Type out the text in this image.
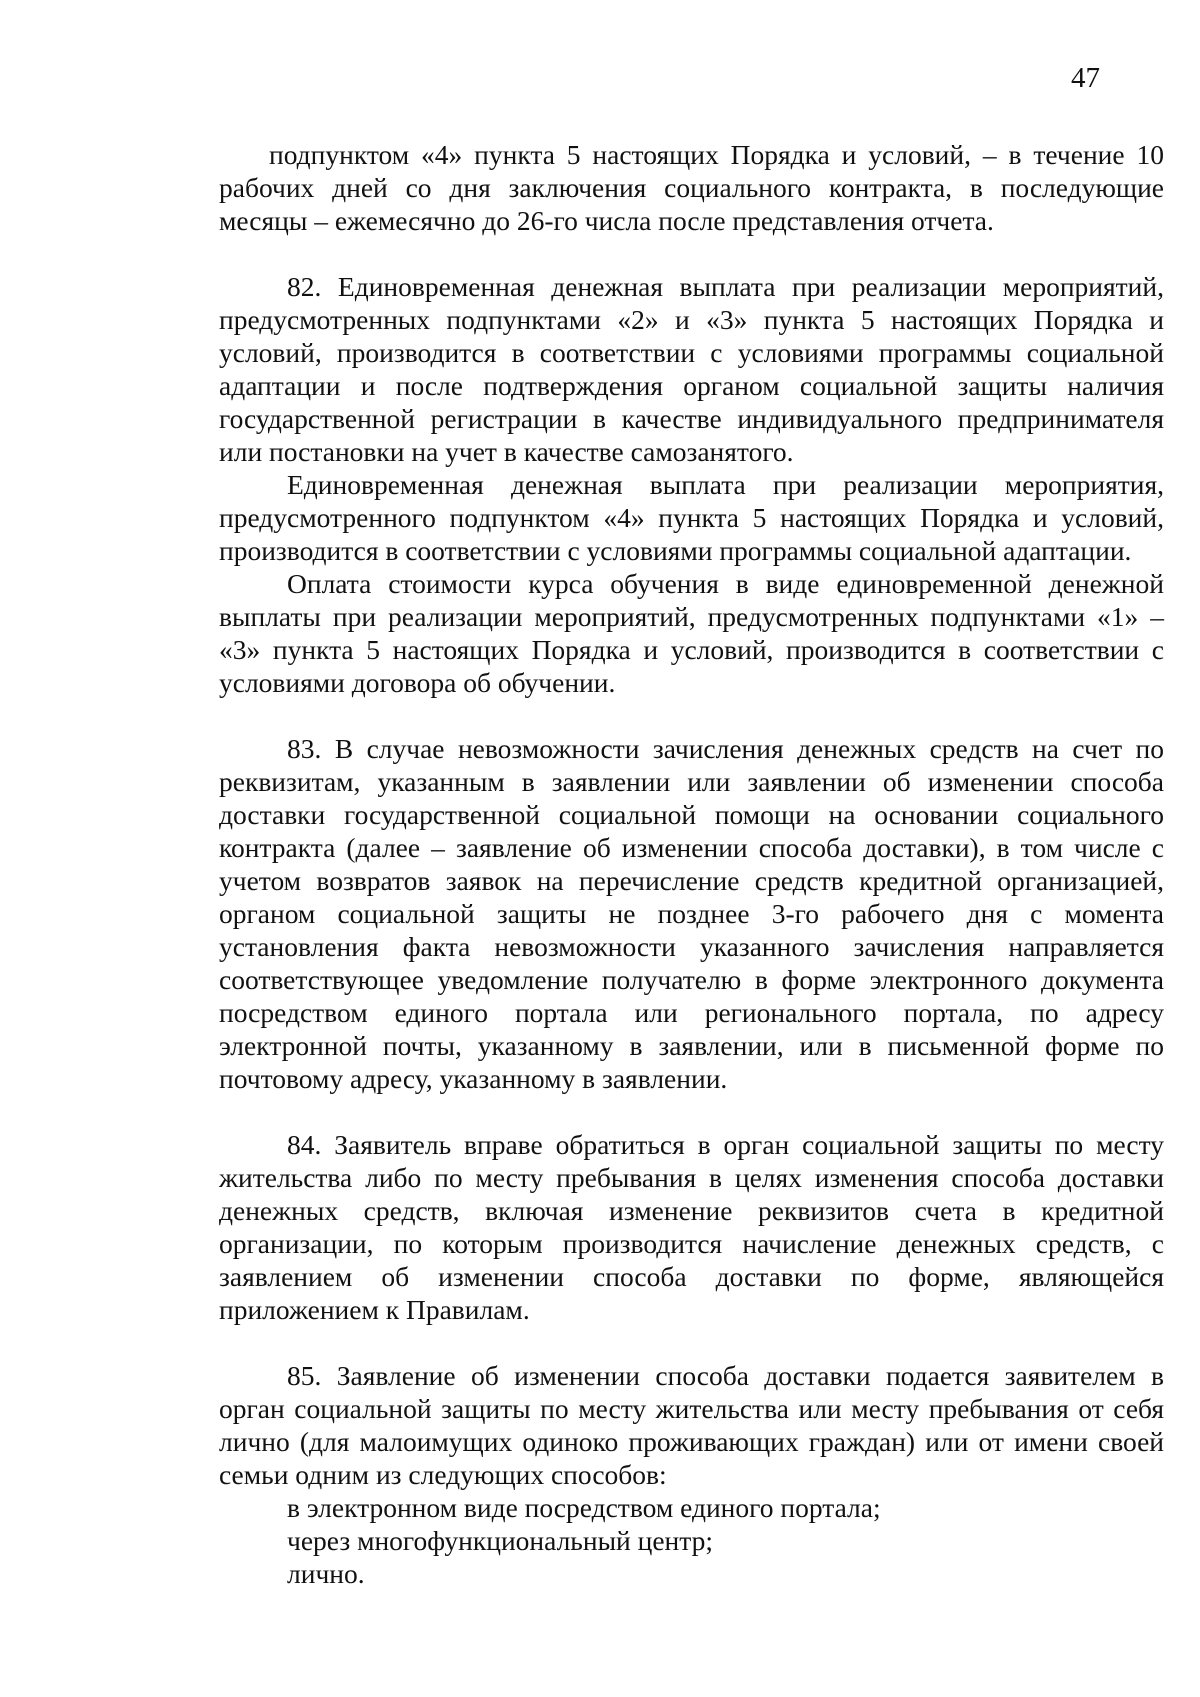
47

подпунктом «4» пункта 5 настоящих Порядка и условий, – в течение 10 рабочих дней со дня заключения социального контракта, в последующие месяцы – ежемесячно до 26-го числа после представления отчета.

82. Единовременная денежная выплата при реализации мероприятий, предусмотренных подпунктами «2» и «3» пункта 5 настоящих Порядка и условий, производится в соответствии с условиями программы социальной адаптации и после подтверждения органом социальной защиты наличия государственной регистрации в качестве индивидуального предпринимателя или постановки на учет в качестве самозанятого.

Единовременная денежная выплата при реализации мероприятия, предусмотренного подпунктом «4» пункта 5 настоящих Порядка и условий, производится в соответствии с условиями программы социальной адаптации.

Оплата стоимости курса обучения в виде единовременной денежной выплаты при реализации мероприятий, предусмотренных подпунктами «1» – «3» пункта 5 настоящих Порядка и условий, производится в соответствии с условиями договора об обучении.

83. В случае невозможности зачисления денежных средств на счет по реквизитам, указанным в заявлении или заявлении об изменении способа доставки государственной социальной помощи на основании социального контракта (далее – заявление об изменении способа доставки), в том числе с учетом возвратов заявок на перечисление средств кредитной организацией, органом социальной защиты не позднее 3-го рабочего дня с момента установления факта невозможности указанного зачисления направляется соответствующее уведомление получателю в форме электронного документа посредством единого портала или регионального портала, по адресу электронной почты, указанному в заявлении, или в письменной форме по почтовому адресу, указанному в заявлении.

84. Заявитель вправе обратиться в орган социальной защиты по месту жительства либо по месту пребывания в целях изменения способа доставки денежных средств, включая изменение реквизитов счета в кредитной организации, по которым производится начисление денежных средств, с заявлением об изменении способа доставки по форме, являющейся приложением к Правилам.

85. Заявление об изменении способа доставки подается заявителем в орган социальной защиты по месту жительства или месту пребывания от себя лично (для малоимущих одиноко проживающих граждан) или от имени своей семьи одним из следующих способов:

в электронном виде посредством единого портала;

через многофункциональный центр;

лично.
